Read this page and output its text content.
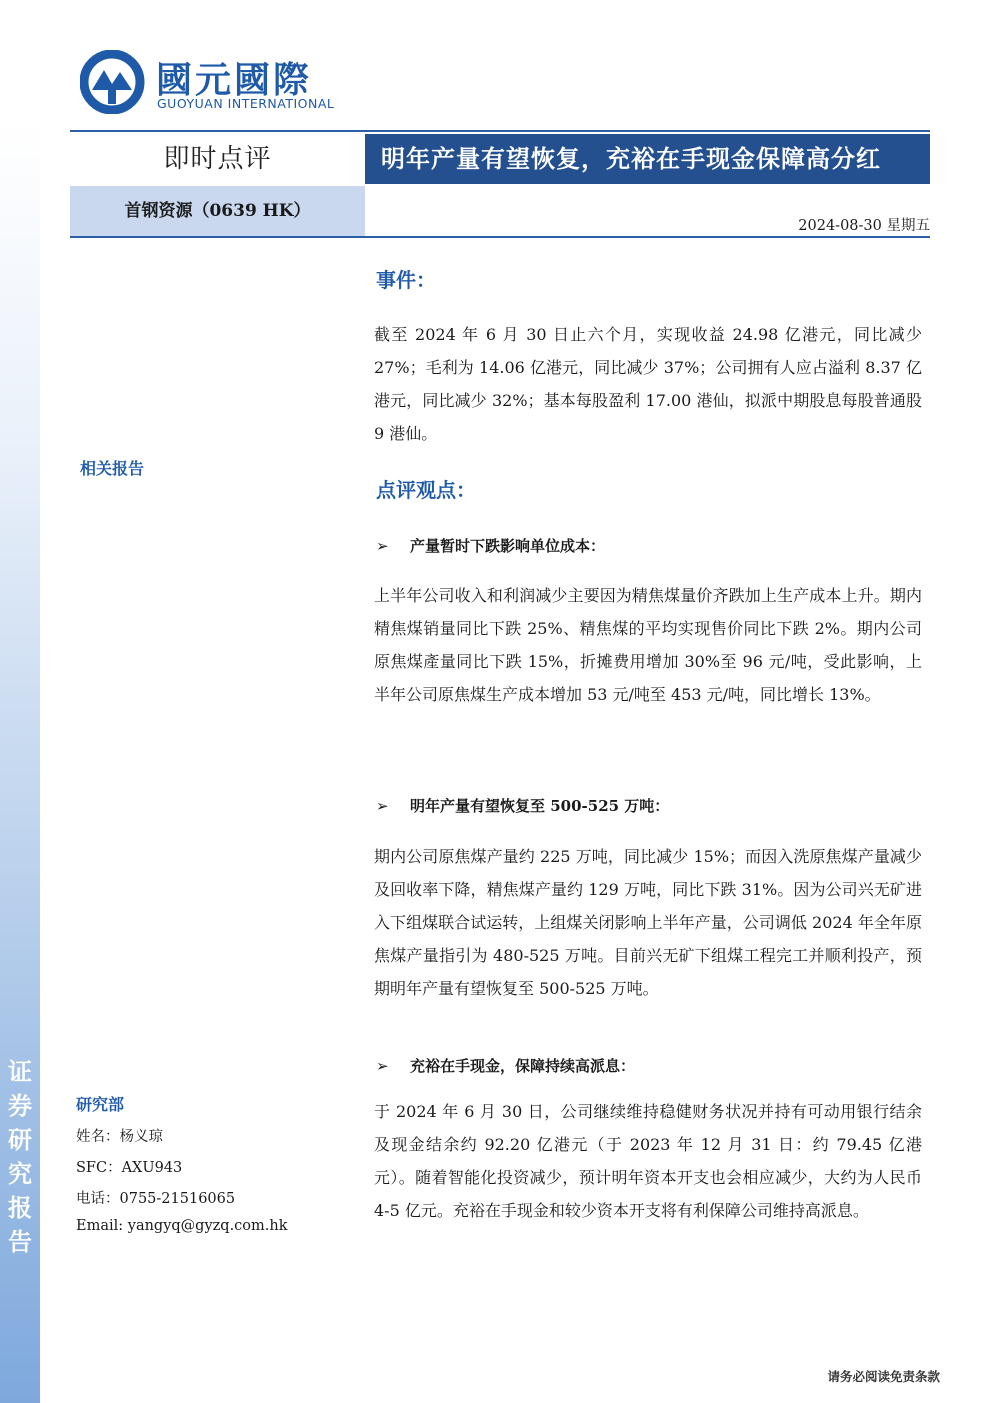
证券研究报告
國元國際
GUOYUAN INTERNATIONAL
即时点评	明年产量有望恢复，充裕在手现金保障高分红
首钢资源（0639 HK）
2024-08-30 星期五
相关报告
事件：

截至 2024 年 6 月 30 日止六个月，实现收益 24.98 亿港元，同比减少 27%；毛利为 14.06 亿港元，同比减少 37%；公司拥有人应占溢利 8.37 亿港元，同比减少 32%；基本每股盈利 17.00 港仙，拟派中期股息每股普通股 9 港仙。

点评观点：
➢ 产量暂时下跌影响单位成本：

上半年公司收入和利润减少主要因为精焦煤量价齐跌加上生产成本上升。期内精焦煤销量同比下跌 25%、精焦煤的平均实现售价同比下跌 2%。期内公司原焦煤產量同比下跌 15%，折摊费用增加 30%至 96 元/吨，受此影响，上半年公司原焦煤生产成本增加 53 元/吨至 453 元/吨，同比增长 13%。

➢ 明年产量有望恢复至 500-525 万吨：

期内公司原焦煤产量约 225 万吨，同比减少 15%；而因入洗原焦煤产量减少及回收率下降，精焦煤产量约 129 万吨，同比下跌 31%。因为公司兴无矿进入下组煤联合试运转，上组煤关闭影响上半年产量，公司调低 2024 年全年原焦煤产量指引为 480-525 万吨。目前兴无矿下组煤工程完工并顺利投产，预期明年产量有望恢复至 500-525 万吨。

➢ 充裕在手现金，保障持续高派息：

于 2024 年 6 月 30 日，公司继续维持稳健财务状况并持有可动用银行结余及现金结余约 92.20 亿港元（于 2023 年 12 月 31 日：约 79.45 亿港元）。随着智能化投资减少，预计明年资本开支也会相应减少，大约为人民币 4-5 亿元。充裕在手现金和较少资本开支将有利保障公司维持高派息。

研究部
姓名：杨义琼
SFC：AXU943
电话：0755-21516065
Email: yangyq@gyzq.com.hk
请务必阅读免责条款
